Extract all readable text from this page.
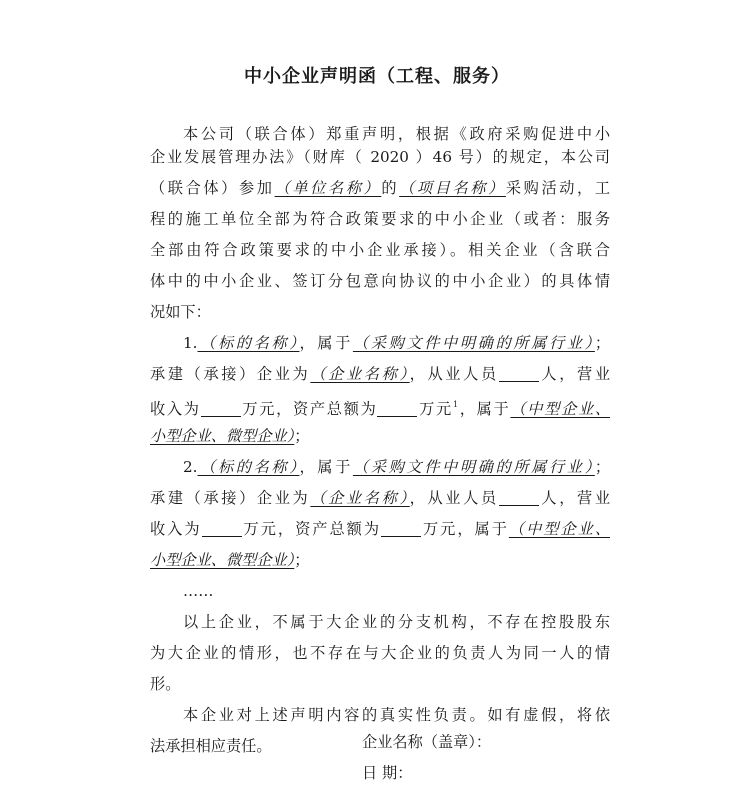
中小企业声明函（工程、服务）
本公司（联合体）郑重声明，根据《政府采购促进中小
企业发展管理办法》（财库（ 2020 ）46 号）的规定，本公司
（联合体）参加（单位名称）的（项目名称）采购活动，工
程的施工单位全部为符合政策要求的中小企业（或者：服务
全部由符合政策要求的中小企业承接）。相关企业（含联合
体中的中小企业、签订分包意向协议的中小企业）的具体情
况如下：
1.（标的名称），属于（采购文件中明确的所属行业）；
承建（承接）企业为（企业名称），从业人员	人，营业
收入为	万元，资产总额为	万元$^1$，属于（中型企业、
小型企业、微型企业）；
2.（标的名称），属于（采购文件中明确的所属行业）；
承建（承接）企业为（企业名称），从业人员	人，营业
收入为	万元，资产总额为	万元，属于（中型企业、
小型企业、微型企业）；
……
以上企业，不属于大企业的分支机构，不存在控股股东
为大企业的情形，也不存在与大企业的负责人为同一人的情
形。
本企业对上述声明内容的真实性负责。如有虚假，将依
法承担相应责任。	企业名称（盖章）：
日 期：
